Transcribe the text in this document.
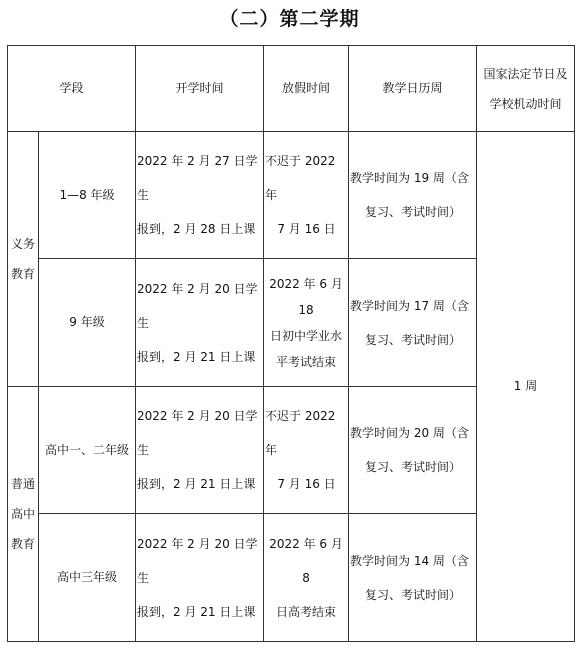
（二）第二学期
学段		开学时间	放假时间	教学日历周	国家法定节日及
学校机动时间

义务
教育	1—8 年级	2022 年 2 月 27 日学生
报到，2 月 28 日上课	不迟于 2022 年
7 月 16 日	教学时间为 19 周（含
复习、考试时间）	1 周
	9 年级	2022 年 2 月 20 日学生
报到，2 月 21 日上课	2022 年 6 月 18
日初中学业水
平考试结束	教学时间为 17 周（含
复习、考试时间）	

普通
高中
教育	高中一、二年级	2022 年 2 月 20 日学生
报到，2 月 21 日上课	不迟于 2022 年
7 月 16 日	教学时间为 20 周（含
复习、考试时间）	

	高中三年级	2022 年 2 月 20 日学生
报到，2 月 21 日上课	2022 年 6 月 8
日高考结束	教学时间为 14 周（含
复习、考试时间）	
